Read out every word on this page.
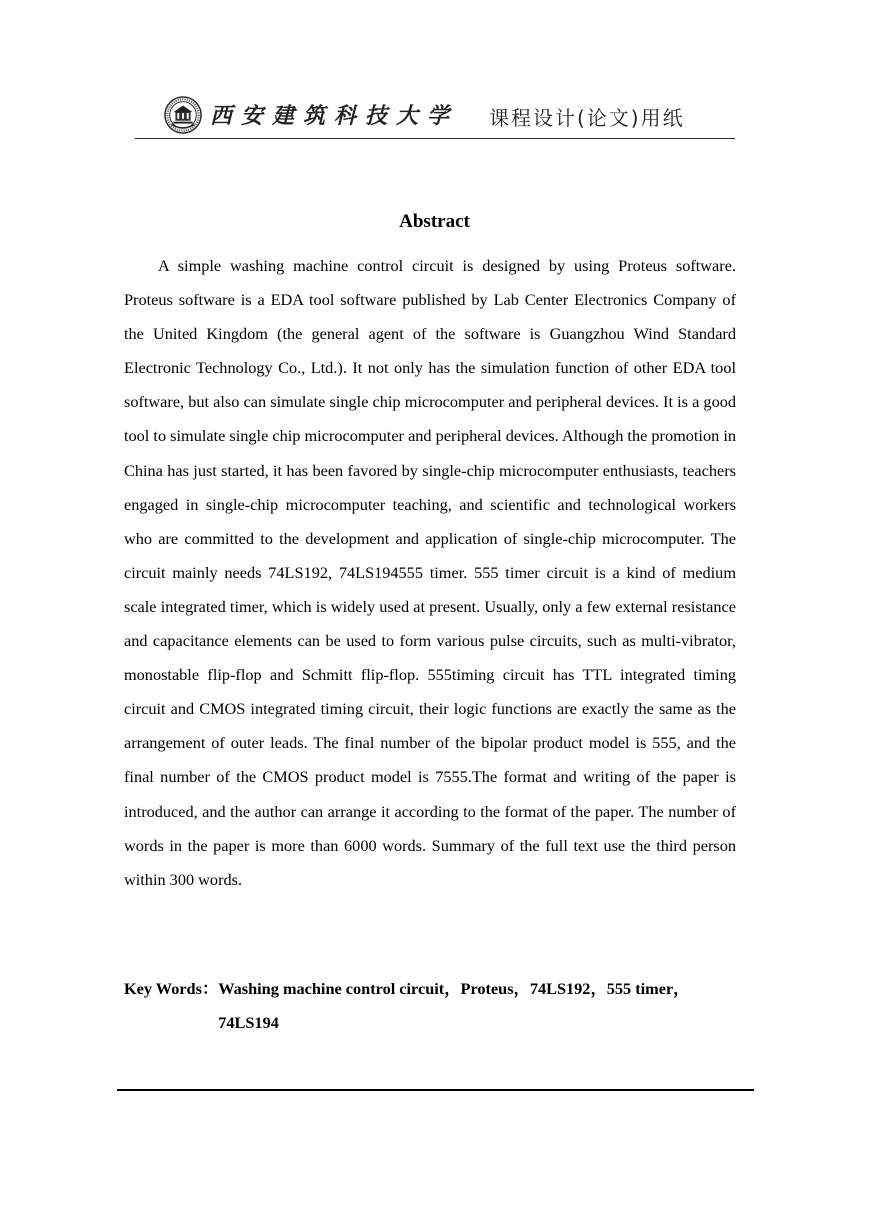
西安建筑科技大学 课程设计(论文)用纸
Abstract

A simple washing machine control circuit is designed by using Proteus software. Proteus software is a EDA tool software published by Lab Center Electronics Company of the United Kingdom (the general agent of the software is Guangzhou Wind Standard Electronic Technology Co., Ltd.). It not only has the simulation function of other EDA tool software, but also can simulate single chip microcomputer and peripheral devices. It is a good tool to simulate single chip microcomputer and peripheral devices. Although the promotion in China has just started, it has been favored by single-chip microcomputer enthusiasts, teachers engaged in single-chip microcomputer teaching, and scientific and technological workers who are committed to the development and application of single-chip microcomputer. The circuit mainly needs 74LS192, 74LS194555 timer. 555 timer circuit is a kind of medium scale integrated timer, which is widely used at present. Usually, only a few external resistance and capacitance elements can be used to form various pulse circuits, such as multi-vibrator, monostable flip-flop and Schmitt flip-flop. 555timing circuit has TTL integrated timing circuit and CMOS integrated timing circuit, their logic functions are exactly the same as the arrangement of outer leads. The final number of the bipolar product model is 555, and the final number of the CMOS product model is 7555.The format and writing of the paper is introduced, and the author can arrange it according to the format of the paper. The number of words in the paper is more than 6000 words. Summary of the full text use the third person within 300 words.

Key Words： Washing machine control circuit，Proteus，74LS192，555 timer，74LS194
